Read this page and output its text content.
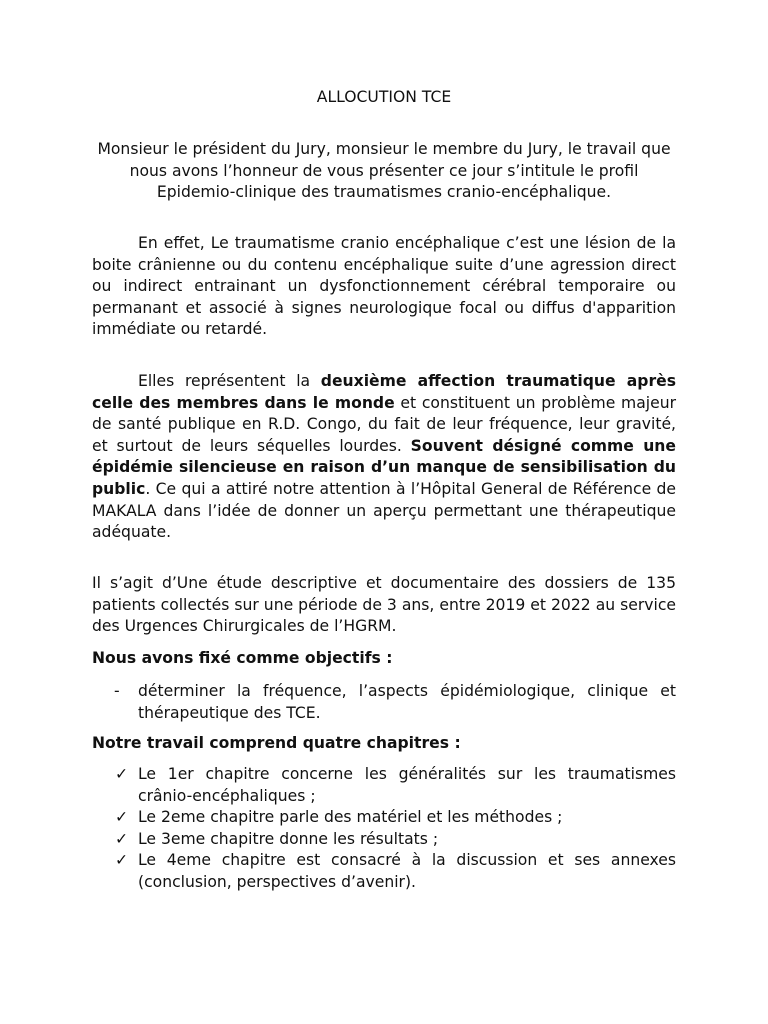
ALLOCUTION TCE
Monsieur le président du Jury, monsieur le membre du Jury, le travail que nous avons l’honneur de vous présenter ce jour s’intitule le profil Epidemio-clinique des traumatismes cranio-encéphalique.
En effet, Le traumatisme cranio encéphalique c’est une lésion de la boite crânienne ou du contenu encéphalique suite d’une agression direct ou indirect entrainant un dysfonctionnement cérébral temporaire ou permanant et associé à signes neurologique focal ou diffus d'apparition immédiate ou retardé.
Elles représentent la deuxième affection traumatique après celle des membres dans le monde et constituent un problème majeur de santé publique en R.D. Congo, du fait de leur fréquence, leur gravité, et surtout de leurs séquelles lourdes. Souvent désigné comme une épidémie silencieuse en raison d’un manque de sensibilisation du public. Ce qui a attiré notre attention à l’Hôpital General de Référence de MAKALA dans l’idée de donner un aperçu permettant une thérapeutique adéquate.
Il s’agit d’Une étude descriptive et documentaire des dossiers de 135 patients collectés sur une période de 3 ans, entre 2019 et 2022 au service des Urgences Chirurgicales de l’HGRM.
Nous avons fixé comme objectifs :
- déterminer la fréquence, l’aspects épidémiologique, clinique et thérapeutique des TCE.
Notre travail comprend quatre chapitres :
✓ Le 1er chapitre concerne les généralités sur les traumatismes crânio-encéphaliques ;
✓ Le 2eme chapitre parle des matériel et les méthodes ;
✓ Le 3eme chapitre donne les résultats ;
✓ Le 4eme chapitre est consacré à la discussion et ses annexes (conclusion, perspectives d’avenir).
